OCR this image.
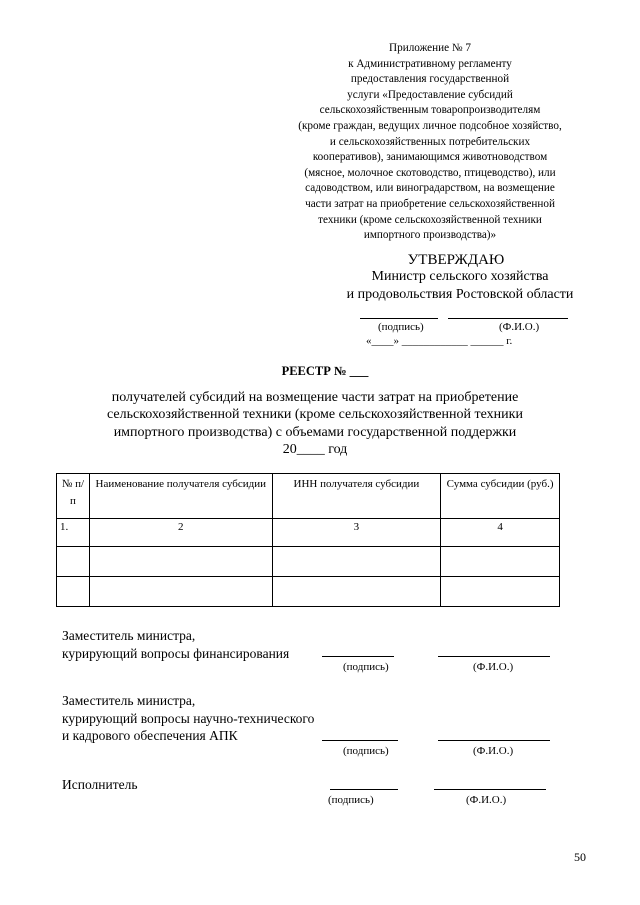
Приложение № 7
к Административному регламенту
предоставления государственной
услуги «Предоставление субсидий
сельскохозяйственным товаропроизводителям
(кроме граждан, ведущих личное подсобное хозяйство,
и сельскохозяйственных потребительских
кооперативов), занимающимся животноводством
(мясное, молочное скотоводство, птицеводство), или
садоводством, или виноградарством, на возмещение
части затрат на приобретение сельскохозяйственной
техники (кроме сельскохозяйственной техники
импортного производства)»
УТВЕРЖДАЮ
Министр сельского хозяйства
и продовольствия Ростовской области
(подпись)	(Ф.И.О.)
«____» ____________ ______ г.
РЕЕСТР № ___
получателей субсидий на возмещение части затрат на приобретение
сельскохозяйственной техники (кроме сельскохозяйственной техники
импортного производства) с объемами государственной поддержки
20____ год
№ п/п	Наименование получателя субсидии	ИНН получателя субсидии	Сумма субсидии (руб.)
1.	2	3	4

Заместитель министра,
курирующий вопросы финансирования
(подпись)	(Ф.И.О.)
Заместитель министра,
курирующий вопросы научно-технического
и кадрового обеспечения АПК
(подпись)	(Ф.И.О.)
Исполнитель
(подпись)	(Ф.И.О.)
50
